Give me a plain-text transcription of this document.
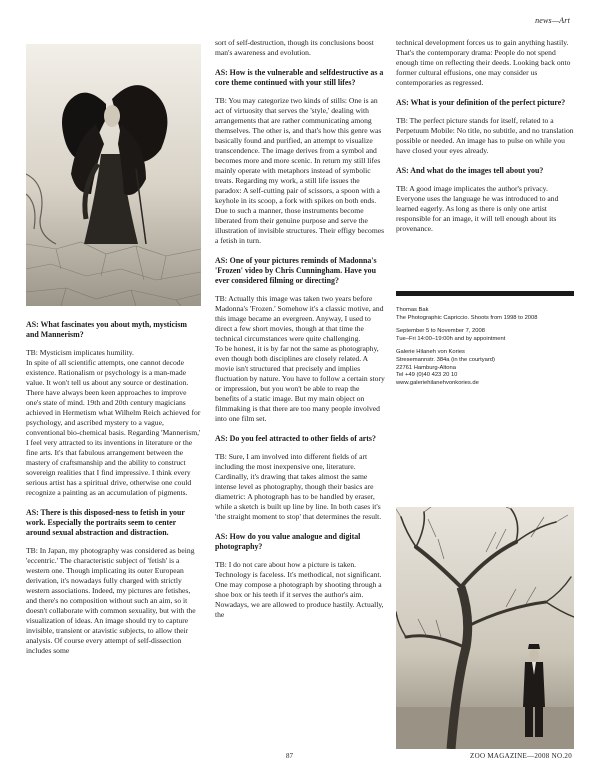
news—Art
AS: What fascinates you about myth, mysticism and Mannerism?
TB: Mysticism implicates humility.
In spite of all scientific attempts, one cannot decode existence. Rationalism or psychology is a man-made value. It won't tell us about any source or destination. There have always been keen approaches to improve one's state of mind. 19th and 20th century magicians achieved in Hermetism what Wilhelm Reich achieved for psychology, and ascribed mystery to a vague, conventional bio-chemical basis. Regarding 'Mannerism,' I feel very attracted to its inventions in literature or the fine arts. It's that fabulous arrangement between the mastery of craftsmanship and the ability to construct sovereign realities that I find impressive. I think every serious artist has a spiritual drive, otherwise one could recognize a painting as an accumulation of pigments.
AS: There is this disposed-ness to fetish in your work. Especially the portraits seem to center around sexual abstraction and distraction.
TB: In Japan, my photography was considered as being 'eccentric.' The characteristic subject of 'fetish' is a western one. Though implicating its outer European derivation, it's nowadays fully charged with strictly western associations. Indeed, my pictures are fetishes, and there's no composition without such an aim, so it doesn't collaborate with common sexuality, but with the visualization of ideas. An image should try to capture invisible, transient or atavistic subjects, to allow their analysis. Of course every attempt of self-dissection includes some
sort of self-destruction, though its conclusions boost man's awareness and evolution.
AS: How is the vulnerable and selfdestructive as a core theme continued with your still lifes?
TB: You may categorize two kinds of stills: One is an act of virtuosity that serves the 'style,' dealing with arrangements that are rather communicating among themselves. The other is, and that's how this genre was basically found and purified, an attempt to visualize transcendence. The image derives from a symbol and becomes more and more scenic. In return my still lifes mainly operate with metaphors instead of symbolic treats. Regarding my work, a still life issues the paradox: A self-cutting pair of scissors, a spoon with a keyhole in its scoop, a fork with spikes on both ends. Due to such a manner, those instruments become liberated from their genuine purpose and serve the illustration of invisible structures. Their effigy becomes a fetish in turn.
AS: One of your pictures reminds of Madonna's 'Frozen' video by Chris Cunningham. Have you ever considered filming or directing?
TB: Actually this image was taken two years before Madonna's 'Frozen.' Somehow it's a classic motive, and this image became an evergreen. Anyway, I used to direct a few short movies, though at that time the technical circumstances were quite challenging.
To be honest, it is by far not the same as photography, even though both disciplines are closely related. A movie isn't structured that precisely and implies fluctuation by nature. You have to follow a certain story or impression, but you won't be able to reap the benefits of a static image. But my main object on filmmaking is that there are too many people involved into one film set.
AS: Do you feel attracted to other fields of arts?
TB: Sure, I am involved into different fields of art including the most inexpensive one, literature. Cardinally, it's drawing that takes almost the same intense level as photography, though their basics are diametric: A photograph has to be handled by eraser, while a sketch is built up line by line. In both cases it's 'the straight moment to stop' that determines the result.
AS: How do you value analogue and digital photography?
TB: I do not care about how a picture is taken. Technology is faceless. It's methodical, not significant. One may compose a photograph by shooting through a shoe box or his teeth if it serves the author's aim. Nowadays, we are allowed to produce hastily. Actually, the
technical development forces us to gain anything hastily. That's the contemporary drama: People do not spend enough time on reflecting their deeds. Looking back onto former cultural effusions, one may consider us contemporaries as regressed.
AS: What is your definition of the perfect picture?
TB: The perfect picture stands for itself, related to a Perpetuum Mobile: No title, no subtitle, and no translation possible or needed. An image has to pulse on while you have closed your eyes already.
AS: And what do the images tell about you?
TB: A good image implicates the author's privacy. Everyone uses the language he was introduced to and learned eagerly. As long as there is only one artist responsible for an image, it will tell enough about its provenance.

Thomas Bak
The Photographic Capriccio. Shoots from 1998 to 2008

September 5 to November 7, 2008
Tue–Fri 14:00–19:00h and by appointment

Galerie Hilaneh von Kories
Stresemannstr. 384a (in the courtyard)
22761 Hamburg-Altona
Tel +49 (0)40 423 20 10
www.galeriehilanehvonkories.de

87	ZOO MAGAZINE—2008 NO.20
